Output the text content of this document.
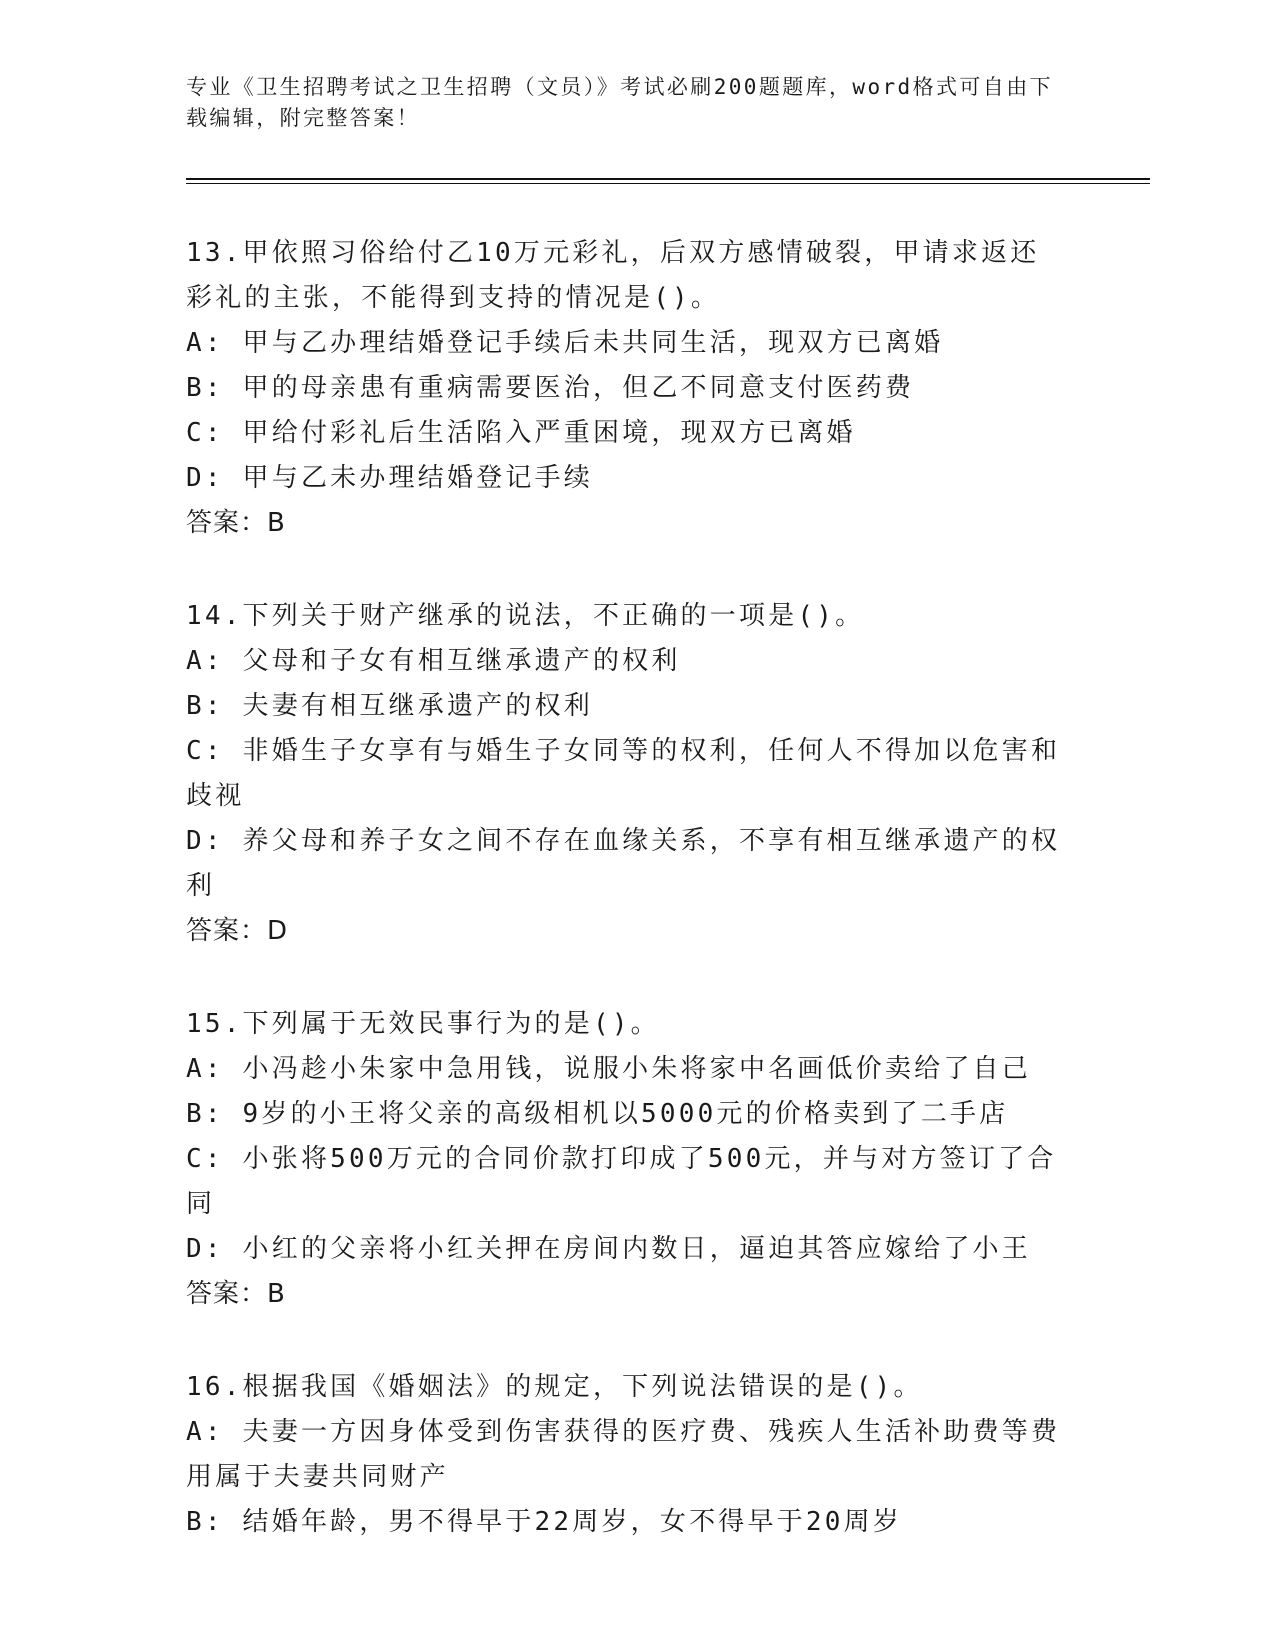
专业《卫生招聘考试之卫生招聘（文员）》考试必刷200题题库，word格式可自由下载编辑，附完整答案！
13.甲依照习俗给付乙10万元彩礼，后双方感情破裂，甲请求返还彩礼的主张，不能得到支持的情况是()。
A: 甲与乙办理结婚登记手续后未共同生活，现双方已离婚
B: 甲的母亲患有重病需要医治，但乙不同意支付医药费
C: 甲给付彩礼后生活陷入严重困境，现双方已离婚
D: 甲与乙未办理结婚登记手续
答案：B
14.下列关于财产继承的说法，不正确的一项是()。
A: 父母和子女有相互继承遗产的权利
B: 夫妻有相互继承遗产的权利
C: 非婚生子女享有与婚生子女同等的权利，任何人不得加以危害和歧视
D: 养父母和养子女之间不存在血缘关系，不享有相互继承遗产的权利
答案：D
15.下列属于无效民事行为的是()。
A: 小冯趁小朱家中急用钱，说服小朱将家中名画低价卖给了自己
B: 9岁的小王将父亲的高级相机以5000元的价格卖到了二手店
C: 小张将500万元的合同价款打印成了500元，并与对方签订了合同
D: 小红的父亲将小红关押在房间内数日，逼迫其答应嫁给了小王
答案：B
16.根据我国《婚姻法》的规定，下列说法错误的是()。
A: 夫妻一方因身体受到伤害获得的医疗费、残疾人生活补助费等费用属于夫妻共同财产
B: 结婚年龄，男不得早于22周岁，女不得早于20周岁
